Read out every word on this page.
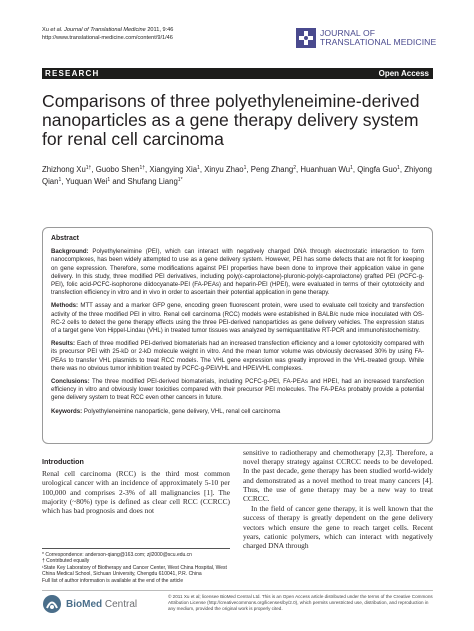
Xu et al. Journal of Translational Medicine 2011, 9:46
http://www.translational-medicine.com/content/9/1/46	JOURNAL OF
TRANSLATIONAL MEDICINE
RESEARCH	Open Access
Comparisons of three polyethyleneimine-derived nanoparticles as a gene therapy delivery system for renal cell carcinoma
Zhizhong $Xu^{1\dagger}$, Guobo Shen$^{1\dagger}$, Xiangying Xia$^1$, Xinyu Zhao$^1$, Peng Zhang$^2$, Huanhuan Wu$^1$, Qingfa Guo$^1$, Zhiyong Qian$^1$, Yuquan Wei$^1$ and Shufang Liang$^{1*}$
Abstract

Background: Polyethyleneimine (PEI), which can interact with negatively charged DNA through electrostatic interaction to form nanocomplexes, has been widely attempted to use as a gene delivery system. However, PEI has some defects that are not fit for keeping on gene expression. Therefore, some modifications against PEI properties have been done to improve their application value in gene delivery. In this study, three modified PEI derivatives, including poly(ε-caprolactone)-pluronic-poly(ε-caprolactone) grafted PEI (PCFC-g-PEI), folic acid-PCFC-isophorone diidocyanate-PEI (FA-PEAs) and heparin-PEI (HPEI), were evaluated in terms of their cytotoxicity and transfection efficiency in vitro and in vivo in order to ascertain their potential application in gene therapy.

Methods: MTT assay and a marker GFP gene, encoding green fluorescent protein, were used to evaluate cell toxicity and transfection activity of the three modified PEI in vitro. Renal cell carcinoma (RCC) models were established in BALB/c nude mice inoculated with OS-RC-2 cells to detect the gene therapy effects using the three PEI-derived nanoparticles as gene delivery vehicles. The expression status of a target gene Von Hippel-Lindau (VHL) in treated tumor tissues was analyzed by semiquantitative RT-PCR and immunohistochemistry.

Results: Each of three modified PEI-derived biomaterials had an increased transfection efficiency and a lower cytotoxicity compared with its precursor PEI with 25-kD or 2-kD molecule weight in vitro. And the mean tumor volume was obviously decreased 30% by using FA-PEAs to transfer VHL plasmids to treat RCC models. The VHL gene expression was greatly improved in the VHL-treated group. While there was no obvious tumor inhibition treated by PCFC-g-PEI/VHL and HPEI/VHL complexes.

Conclusions: The three modified PEI-derived biomaterials, including PCFC-g-PEI, FA-PEAs and HPEI, had an increased transfection efficiency in vitro and obviously lower toxicities compared with their precursor PEI molecules. The FA-PEAs probably provide a potential gene delivery system to treat RCC even other cancers in future.

Keywords: Polyethyleneimine nanoparticle, gene delivery, VHL, renal cell carcinoma

Introduction

Renal cell carcinoma (RCC) is the third most common urological cancer with an incidence of approximately 5-10 per 100,000 and comprises 2-3% of all malignancies [1]. The majority (~80%) type is defined as clear cell RCC (CCRCC) which has bad prognosis and does not

* Correspondence: anderson-qiang@163.com; zjl2000@scu.edu.cn
† Contributed equally
¹State Key Laboratory of Biotherapy and Cancer Center, West China Hospital, West China Medical School, Sichuan University, Chengdu 610041, P.R. China
Full list of author information is available at the end of the article

sensitive to radiotherapy and chemotherapy [2,3]. Therefore, a novel therapy strategy against CCRCC needs to be developed. In the past decade, gene therapy has been studied world-widely and demonstrated as a novel method to treat many cancers [4]. Thus, the use of gene therapy may be a new way to treat CCRCC.

In the field of cancer gene therapy, it is well known that the success of therapy is greatly dependent on the gene delivery vectors which ensure the gene to reach target cells. Recent years, cationic polymers, which can interact with negatively charged DNA through

BioMed Central
© 2011 Xu et al; licensee BioMed Central Ltd. This is an Open Access article distributed under the terms of the Creative Commons Attribution License (http://creativecommons.org/licenses/by/2.0), which permits unrestricted use, distribution, and reproduction in any medium, provided the original work is properly cited.
